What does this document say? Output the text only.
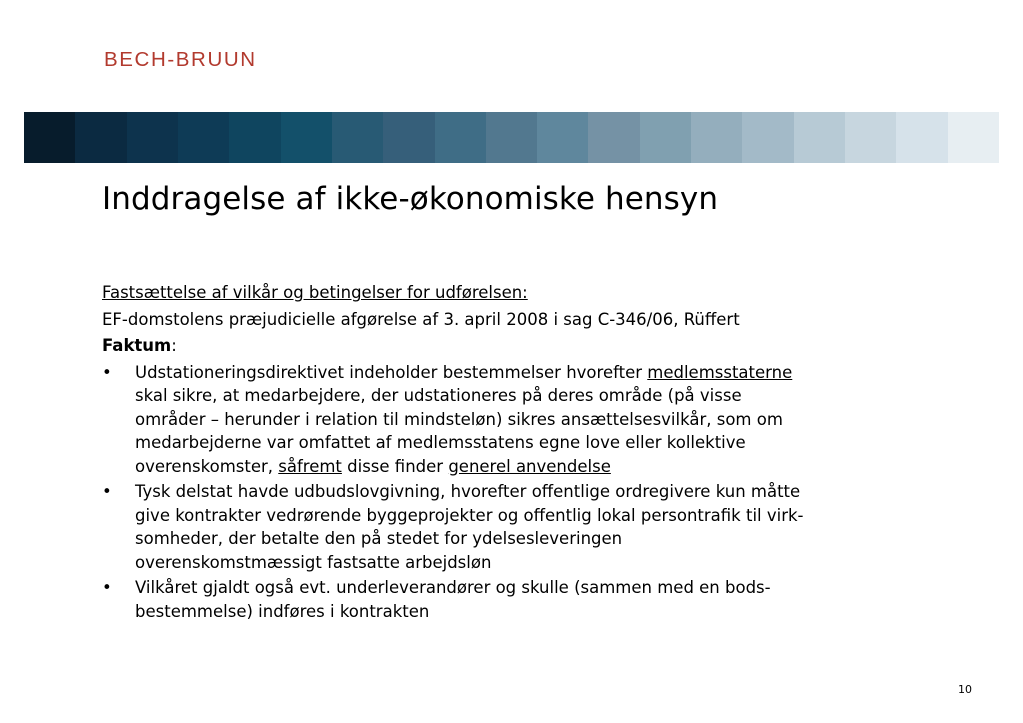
BECH-BRUUN
Inddragelse af ikke-økonomiske hensyn

Fastsættelse af vilkår og betingelser for udførelsen:

EF-domstolens præjudicielle afgørelse af 3. april 2008 i sag C-346/06, Rüffert

Faktum:

• Udstationeringsdirektivet indeholder bestemmelser hvorefter medlemsstaterne
skal sikre, at medarbejdere, der udstationeres på deres område (på visse
områder – herunder i relation til mindsteløn) sikres ansættelsesvilkår, som om
medarbejderne var omfattet af medlemsstatens egne love eller kollektive
overenskomster, såfremt disse finder generel anvendelse
• Tysk delstat havde udbudslovgivning, hvorefter offentlige ordregivere kun måtte
give kontrakter vedrørende byggeprojekter og offentlig lokal persontrafik til virk-
somheder, der betalte den på stedet for ydelsesleveringen
overenskomstmæssigt fastsatte arbejdsløn
• Vilkåret gjaldt også evt. underleverandører og skulle (sammen med en bods-
bestemmelse) indføres i kontrakten
10
